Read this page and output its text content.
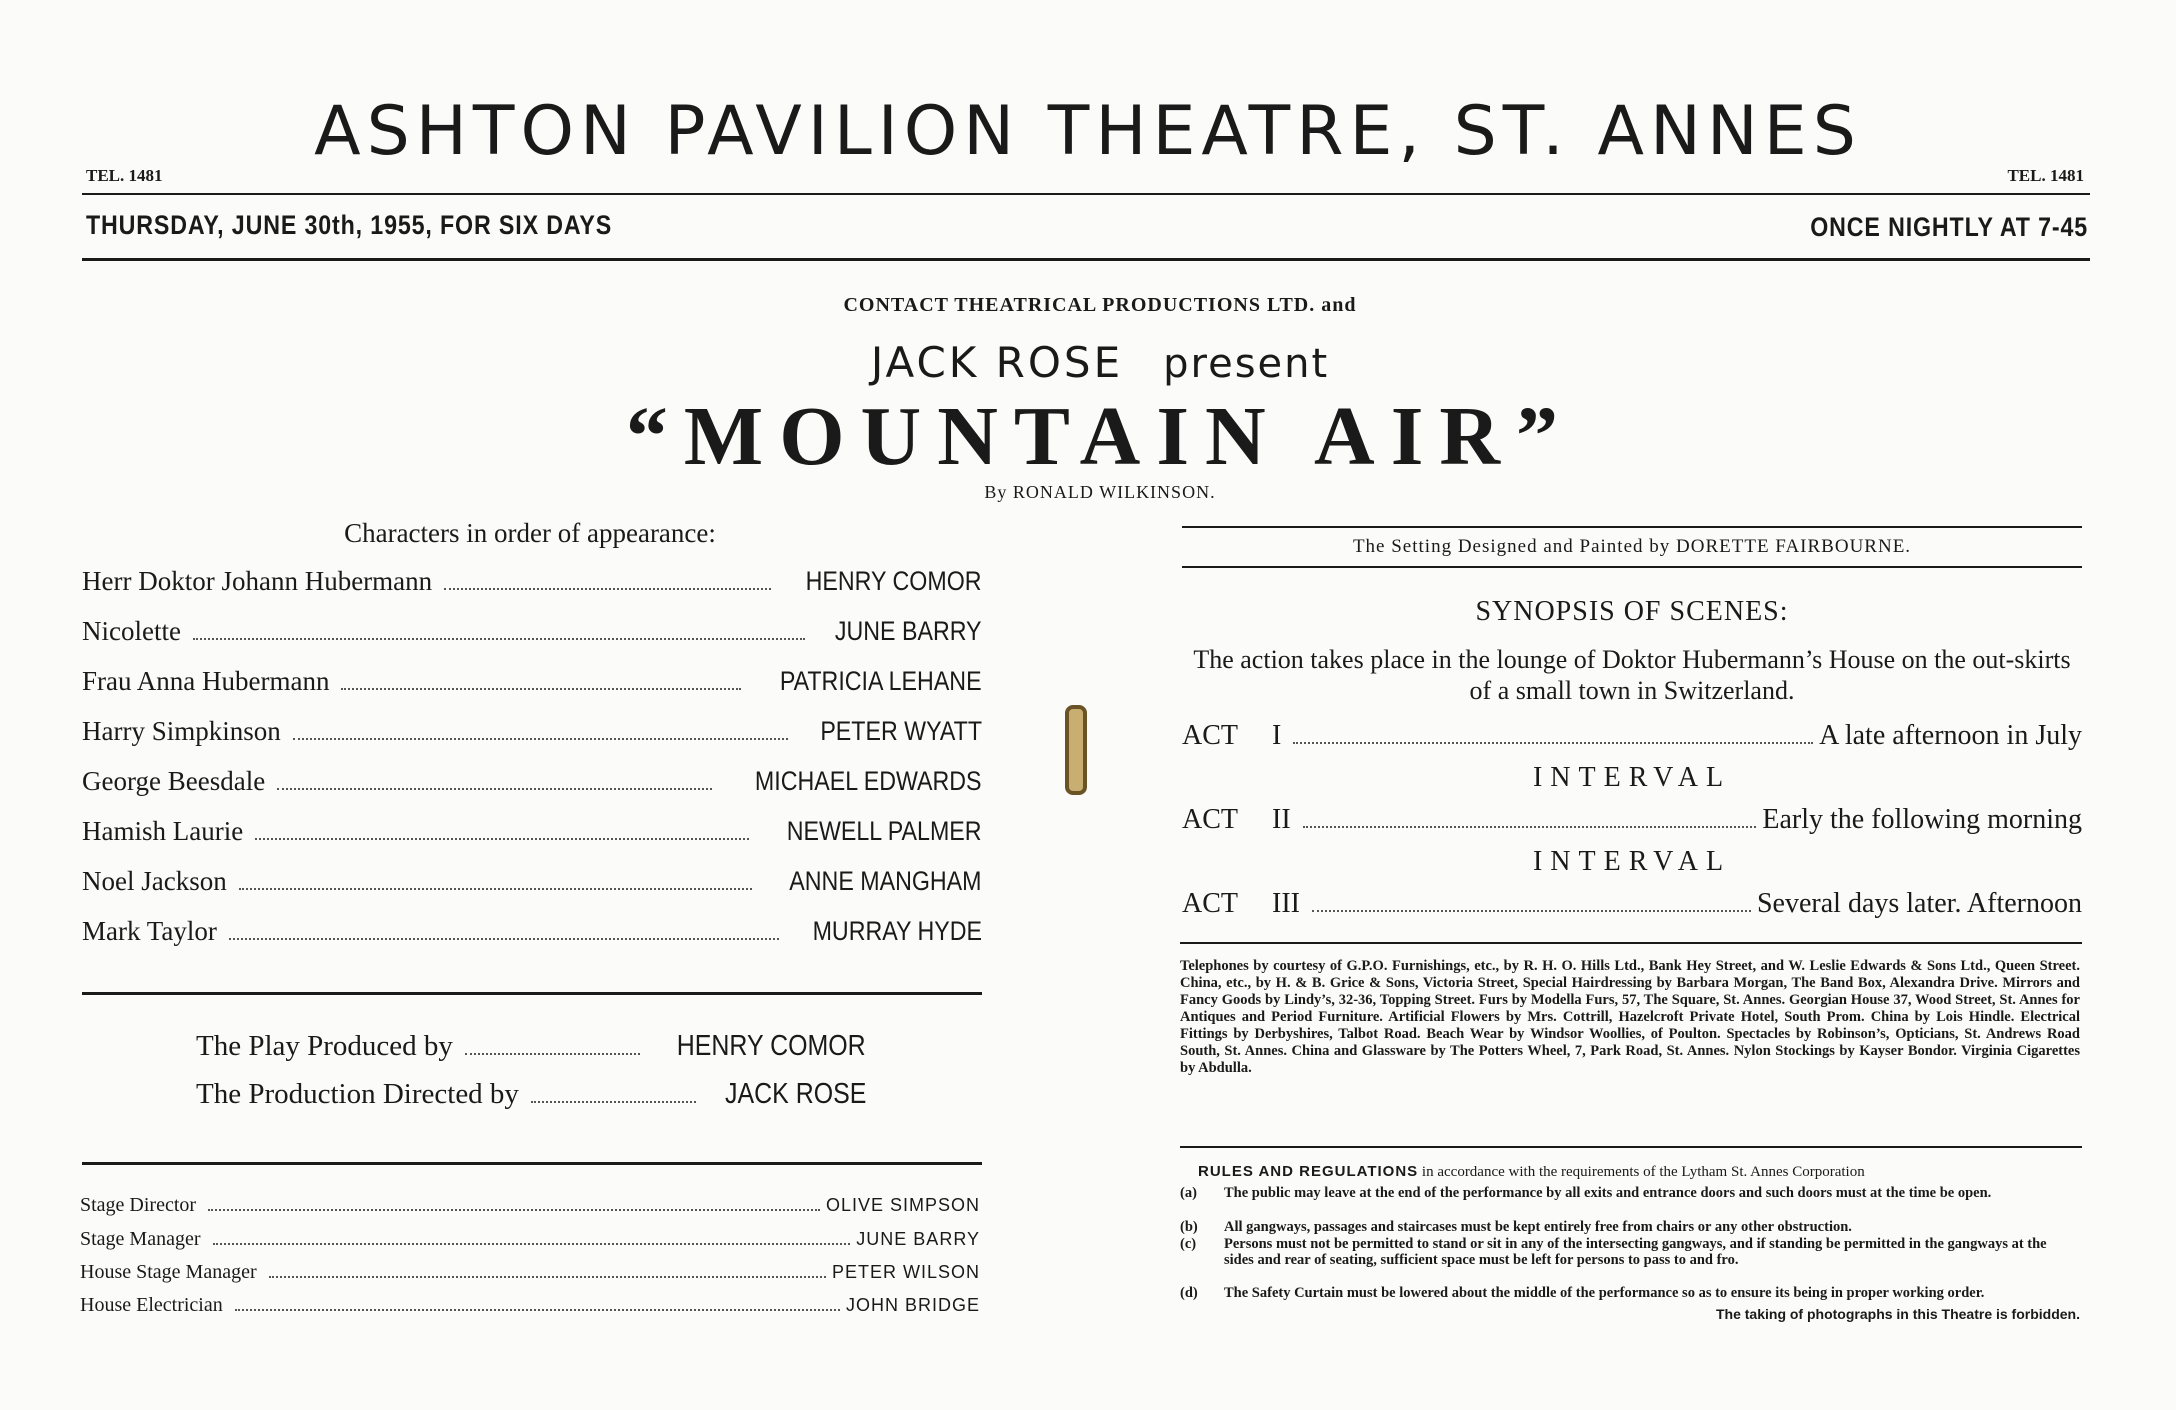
ASHTON PAVILION THEATRE, ST. ANNES
TEL. 1481	TEL. 1481
THURSDAY, JUNE 30th, 1955, FOR SIX DAYS	ONCE NIGHTLY AT 7-45
CONTACT THEATRICAL PRODUCTIONS LTD. and
JACK ROSE present
“MOUNTAIN AIR”
By RONALD WILKINSON.
Characters in order of appearance:
Herr Doktor Johann Hubermann	HENRY COMOR
Nicolette	JUNE BARRY
Frau Anna Hubermann	PATRICIA LEHANE
Harry Simpkinson	PETER WYATT
George Beesdale	MICHAEL EDWARDS
Hamish Laurie	NEWELL PALMER
Noel Jackson	ANNE MANGHAM
Mark Taylor	MURRAY HYDE
The Play Produced by	HENRY COMOR
The Production Directed by	JACK ROSE
Stage Director	OLIVE SIMPSON
Stage Manager	JUNE BARRY
House Stage Manager	PETER WILSON
House Electrician	JOHN BRIDGE
The Setting Designed and Painted by DORETTE FAIRBOURNE.
SYNOPSIS OF SCENES:
The action takes place in the lounge of Doktor Hubermann’s House on the out-skirts of a small town in Switzerland.
ACT I	A late afternoon in July
ACT II	Early the following morning
ACT III	Several days later. Afternoon
INTERVAL
INTERVAL
Telephones by courtesy of G.P.O. Furnishings, etc., by R. H. O. Hills Ltd., Bank Hey Street, and W. Leslie Edwards & Sons Ltd., Queen Street. China, etc., by H. & B. Grice & Sons, Victoria Street, Special Hairdressing by Barbara Morgan, The Band Box, Alexandra Drive. Mirrors and Fancy Goods by Lindy’s, 32-36, Topping Street. Furs by Modella Furs, 57, The Square, St. Annes. Georgian House 37, Wood Street, St. Annes for Antiques and Period Furniture. Artificial Flowers by Mrs. Cottrill, Hazelcroft Private Hotel, South Prom. China by Lois Hindle. Electrical Fittings by Derbyshires, Talbot Road. Beach Wear by Windsor Woollies, of Poulton. Spectacles by Robinson’s, Opticians, St. Andrews Road South, St. Annes. China and Glassware by The Potters Wheel, 7, Park Road, St. Annes. Nylon Stockings by Kayser Bondor. Virginia Cigarettes by Abdulla.
RULES AND REGULATIONS in accordance with the requirements of the Lytham St. Annes Corporation
(a)	The public may leave at the end of the performance by all exits and entrance doors and such doors must at the time be open.
(b)	All gangways, passages and staircases must be kept entirely free from chairs or any other obstruction.
(c)	Persons must not be permitted to stand or sit in any of the intersecting gangways, and if standing be permitted in the gangways at the sides and rear of seating, sufficient space must be left for persons to pass to and fro.
(d)	The Safety Curtain must be lowered about the middle of the performance so as to ensure its being in proper working order.
The taking of photographs in this Theatre is forbidden.
